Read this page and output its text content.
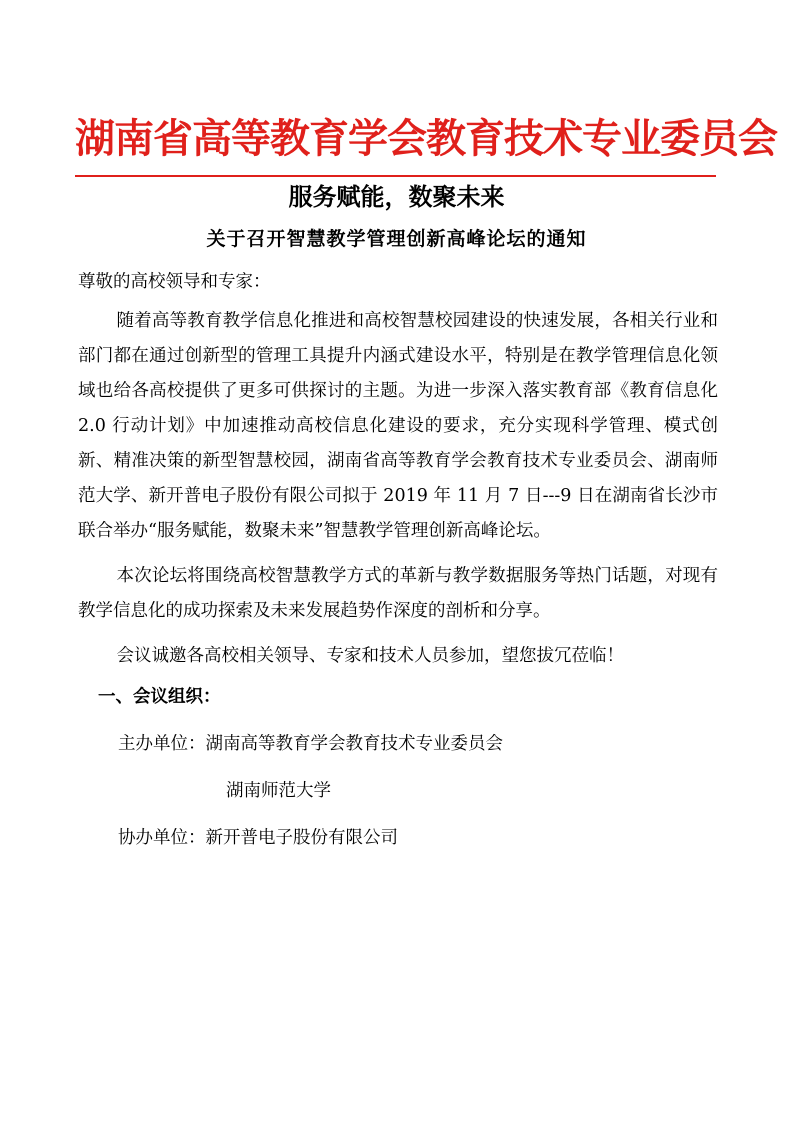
湖南省高等教育学会教育技术专业委员会
服务赋能，数聚未来
关于召开智慧教学管理创新高峰论坛的通知

尊敬的高校领导和专家：

随着高等教育教学信息化推进和高校智慧校园建设的快速发展，各相关行业和部门都在通过创新型的管理工具提升内涵式建设水平，特别是在教学管理信息化领域也给各高校提供了更多可供探讨的主题。为进一步深入落实教育部《教育信息化 2.0 行动计划》中加速推动高校信息化建设的要求，充分实现科学管理、模式创新、精准决策的新型智慧校园，湖南省高等教育学会教育技术专业委员会、湖南师范大学、新开普电子股份有限公司拟于 2019 年 11 月 7 日---9 日在湖南省长沙市联合举办“服务赋能，数聚未来”智慧教学管理创新高峰论坛。

本次论坛将围绕高校智慧教学方式的革新与教学数据服务等热门话题，对现有教学信息化的成功探索及未来发展趋势作深度的剖析和分享。

会议诚邀各高校相关领导、专家和技术人员参加，望您拔冗莅临！

一、会议组织：

主办单位：湖南高等教育学会教育技术专业委员会

湖南师范大学

协办单位：新开普电子股份有限公司
